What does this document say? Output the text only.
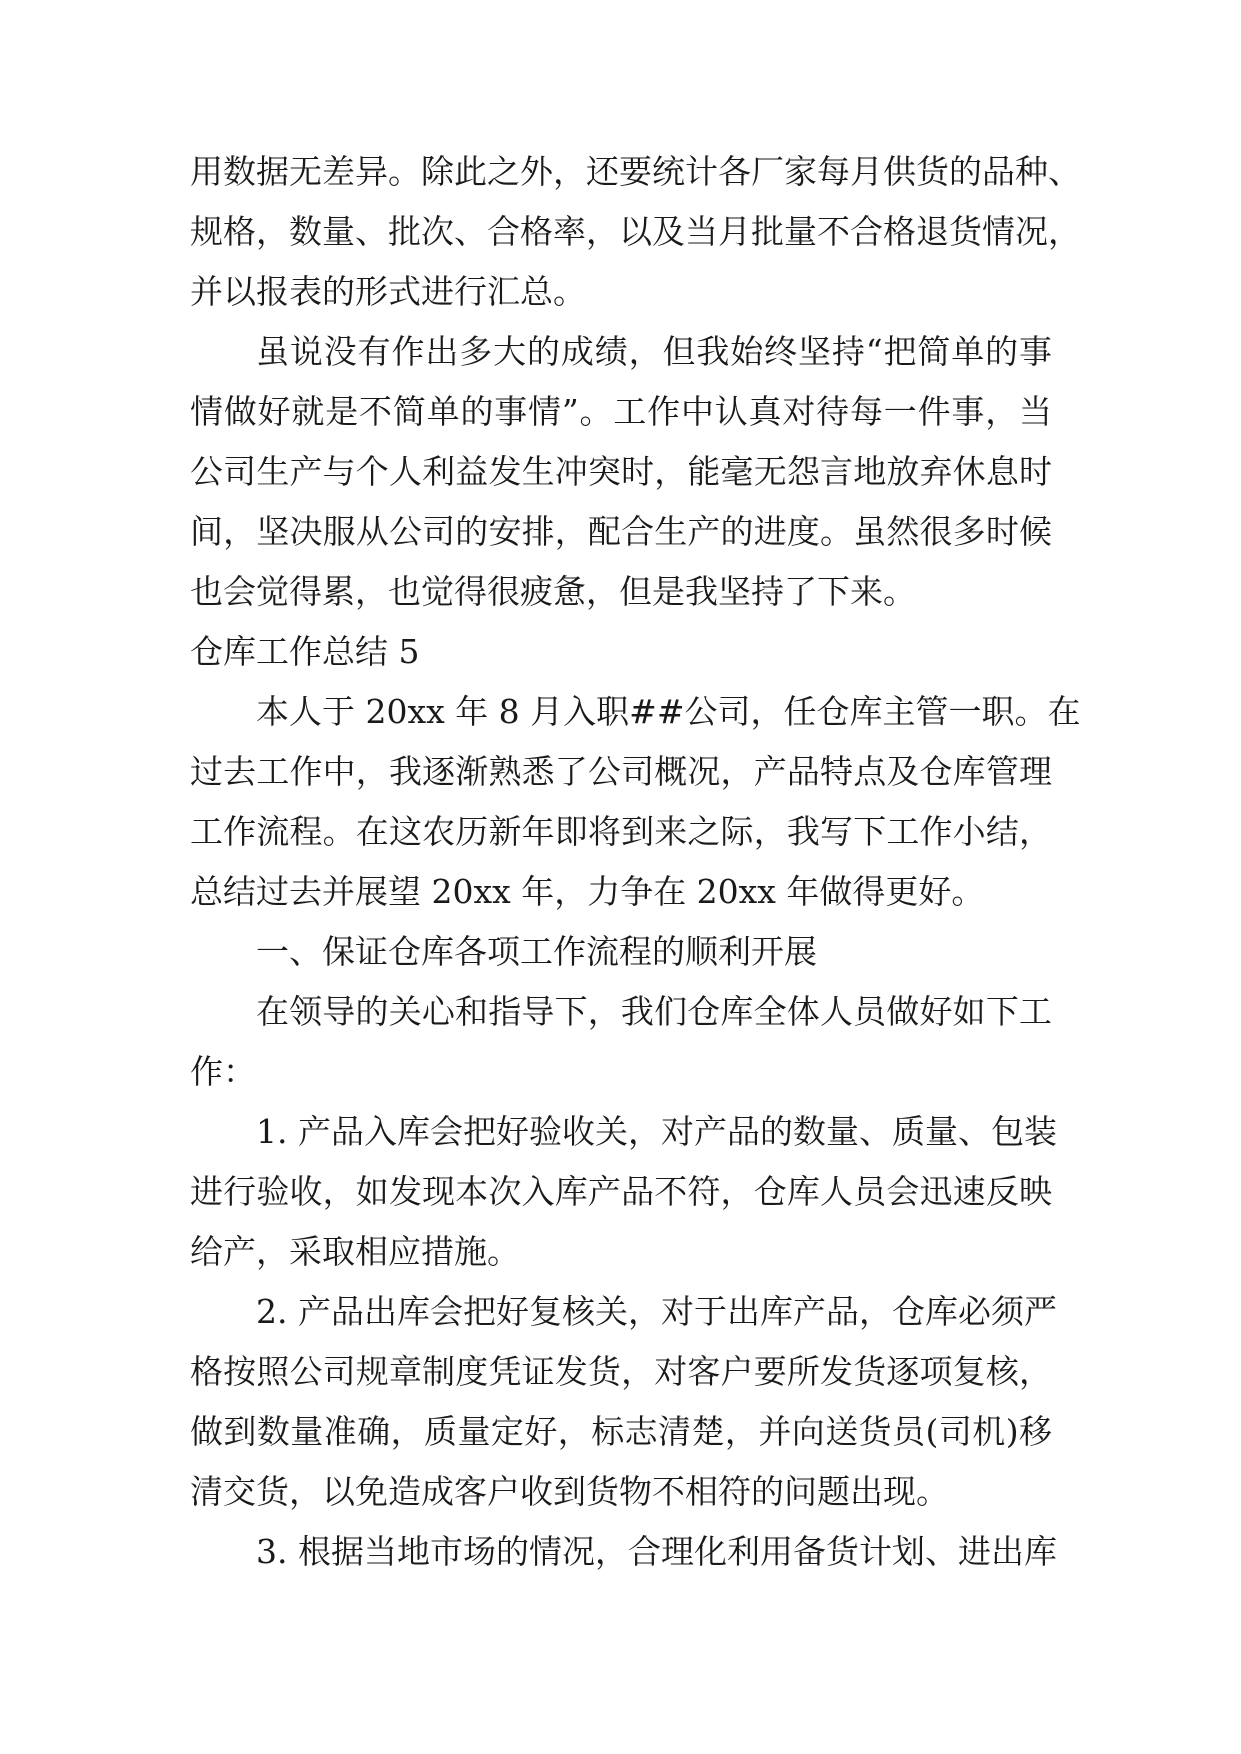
用数据无差异。除此之外，还要统计各厂家每月供货的品种、
规格，数量、批次、合格率，以及当月批量不合格退货情况，
并以报表的形式进行汇总。
虽说没有作出多大的成绩，但我始终坚持“把简单的事
情做好就是不简单的事情”。工作中认真对待每一件事，当
公司生产与个人利益发生冲突时，能毫无怨言地放弃休息时
间，坚决服从公司的安排，配合生产的进度。虽然很多时候
也会觉得累，也觉得很疲惫，但是我坚持了下来。
仓库工作总结 5
本人于 20xx 年 8 月入职##公司，任仓库主管一职。在
过去工作中，我逐渐熟悉了公司概况，产品特点及仓库管理
工作流程。在这农历新年即将到来之际，我写下工作小结，
总结过去并展望 20xx 年，力争在 20xx 年做得更好。
一、保证仓库各项工作流程的顺利开展
在领导的关心和指导下，我们仓库全体人员做好如下工
作：
1. 产品入库会把好验收关，对产品的数量、质量、包装
进行验收，如发现本次入库产品不符，仓库人员会迅速反映
给产，采取相应措施。
2. 产品出库会把好复核关，对于出库产品，仓库必须严
格按照公司规章制度凭证发货，对客户要所发货逐项复核，
做到数量准确，质量定好，标志清楚，并向送货员(司机)移
清交货，以免造成客户收到货物不相符的问题出现。
3. 根据当地市场的情况，合理化利用备货计划、进出库
